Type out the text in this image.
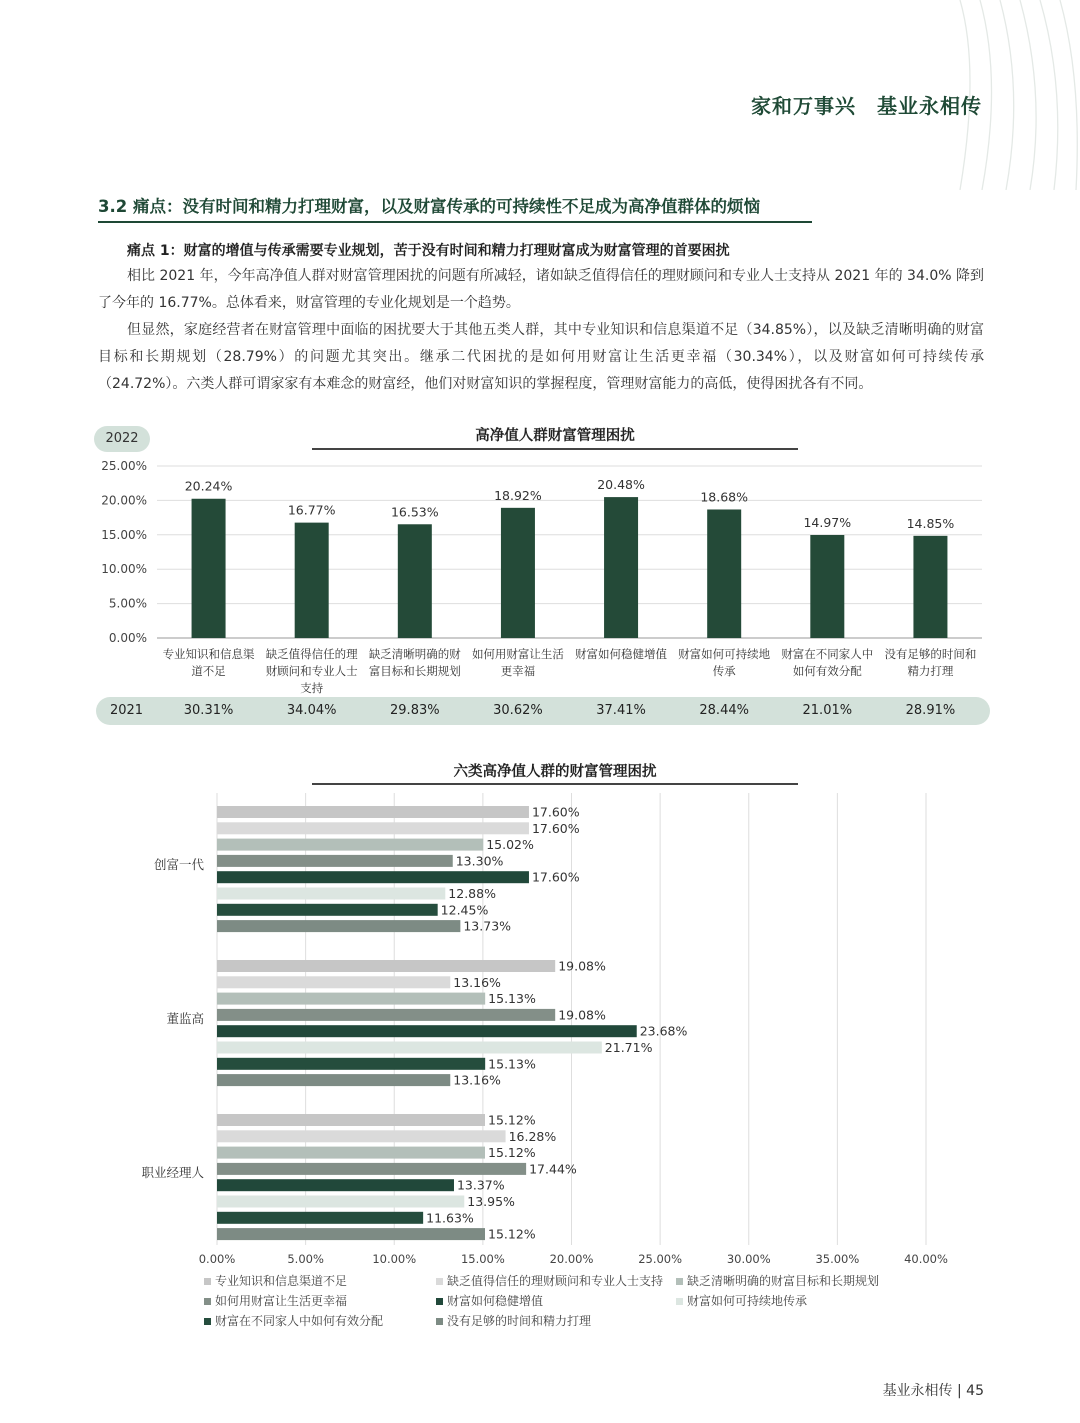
家和万事兴　基业永相传
3.2 痛点：没有时间和精力打理财富，以及财富传承的可持续性不足成为高净值群体的烦恼
痛点 1：财富的增值与传承需要专业规划，苦于没有时间和精力打理财富成为财富管理的首要困扰
相比 2021 年，今年高净值人群对财富管理困扰的问题有所减轻，诸如缺乏值得信任的理财顾问和专业人士支持从 2021 年的 34.0% 降到了今年的 16.77%。总体看来，财富管理的专业化规划是一个趋势。
但显然，家庭经营者在财富管理中面临的困扰要大于其他五类人群，其中专业知识和信息渠道不足（34.85%），以及缺乏清晰明确的财富目标和长期规划（28.79%）的问题尤其突出。继承二代困扰的是如何用财富让生活更幸福（30.34%），以及财富如何可持续传承（24.72%）。六类人群可谓家家有本难念的财富经，他们对财富知识的掌握程度，管理财富能力的高低，使得困扰各有不同。
2022	高净值人群财富管理困扰
25.00%
20.00%
15.00%
10.00%
5.00%
0.00%
20.24%
专业知识和信息渠
道不足
16.77%
缺乏值得信任的理
财顾问和专业人士
支持
16.53%
缺乏清晰明确的财
富目标和长期规划
18.92%
如何用财富让生活
更幸福
20.48%
财富如何稳健增值
18.68%
财富如何可持续地
传承
14.97%
财富在不同家人中
如何有效分配
14.85%
没有足够的时间和
精力打理
2021	30.31%	34.04%	29.83%	30.62%	37.41%	28.44%	21.01%	28.91%
六类高净值人群的财富管理困扰
0.00%	5.00%	10.00%	15.00%	20.00%	25.00%	30.00%	35.00%	40.00%
17.60%
17.60%
15.02%
13.30%
17.60%
12.88%
12.45%
13.73%
创富一代
19.08%
13.16%
15.13%
19.08%
23.68%
21.71%
15.13%
13.16%
董监高
15.12%
16.28%
15.12%
17.44%
13.37%
13.95%
11.63%
15.12%
职业经理人
专业知识和信息渠道不足	缺乏值得信任的理财顾问和专业人士支持	缺乏清晰明确的财富目标和长期规划
如何用财富让生活更幸福	财富如何稳健增值	财富如何可持续地传承
财富在不同家人中如何有效分配	没有足够的时间和精力打理
基业永相传 | 45
